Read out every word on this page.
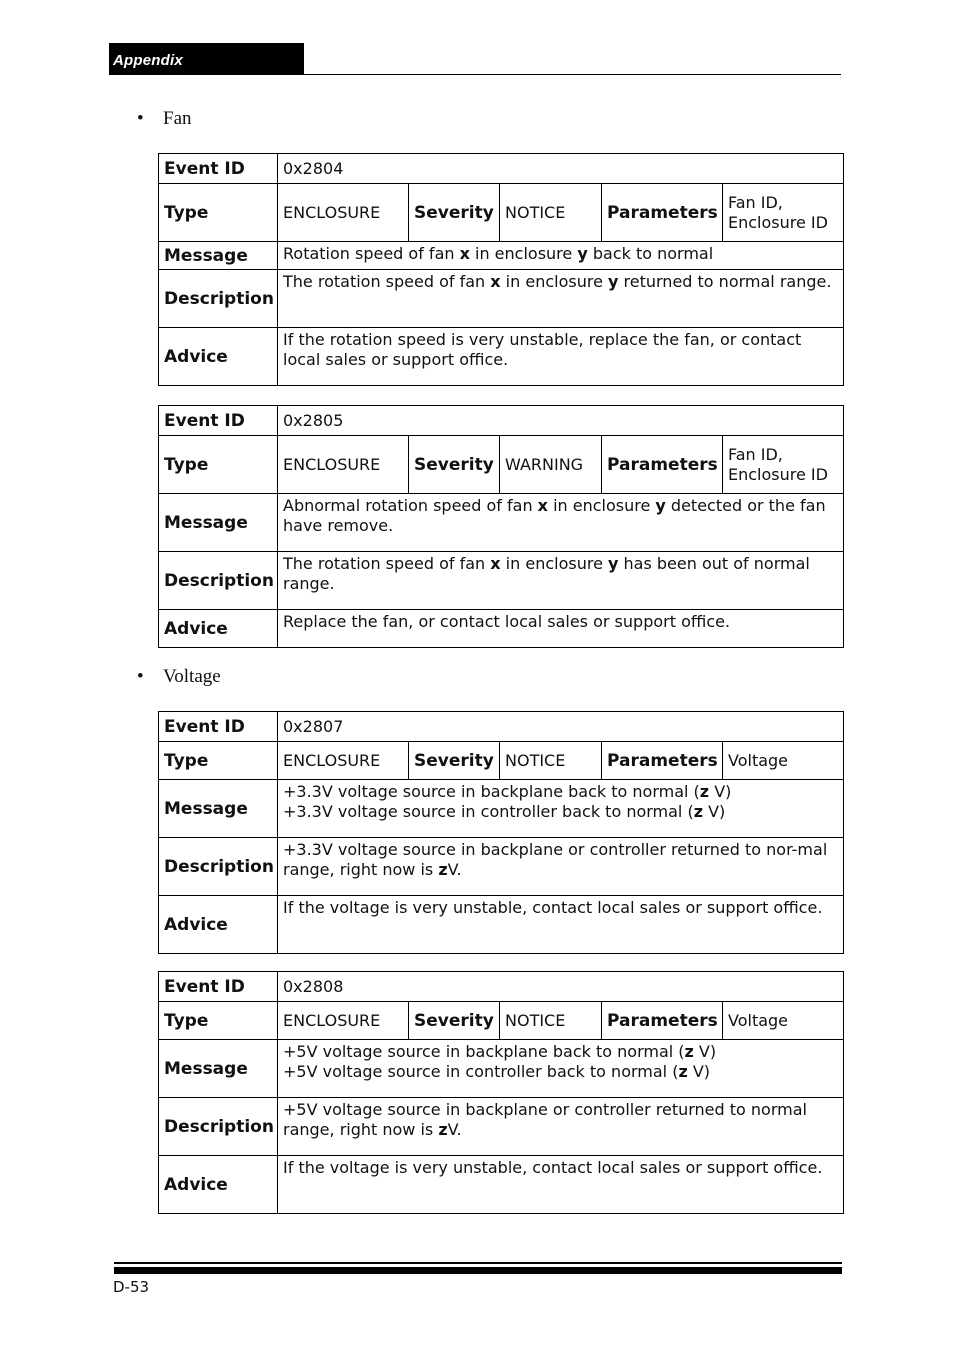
Appendix
• Fan
• Voltage
Event ID	0x2804				
Type	ENCLOSURE	Severity	NOTICE	Parameters	Fan ID, Enclosure ID
Message	Rotation speed of fan x in enclosure y back to normal				

Description	The rotation speed of fan x in enclosure y returned to normal range.				

Advice	If the rotation speed is very unstable, replace the fan, or contact local sales or support office.				
Event ID	0x2805				
Type	ENCLOSURE	Severity	WARNING	Parameters	Fan ID, Enclosure ID
Message	Abnormal rotation speed of fan x in enclosure y detected or the fan have remove.				

Description	The rotation speed of fan x in enclosure y has been out of normal range.				

Advice	Replace the fan, or contact local sales or support office.				
Event ID	0x2807				
Type	ENCLOSURE	Severity	NOTICE	Parameters	Voltage
Message	+3.3V voltage source in backplane back to normal (z V)
+3.3V voltage source in controller back to normal (z V)				

Description	+3.3V voltage source in backplane or controller returned to nor-mal range, right now is zV.				

Advice	If the voltage is very unstable, contact local sales or support office.				
Event ID	0x2808				
Type	ENCLOSURE	Severity	NOTICE	Parameters	Voltage
Message	+5V voltage source in backplane back to normal (z V)
+5V voltage source in controller back to normal (z V)				

Description	+5V voltage source in backplane or controller returned to normal range, right now is zV.				

Advice	If the voltage is very unstable, contact local sales or support office.				
D-53
